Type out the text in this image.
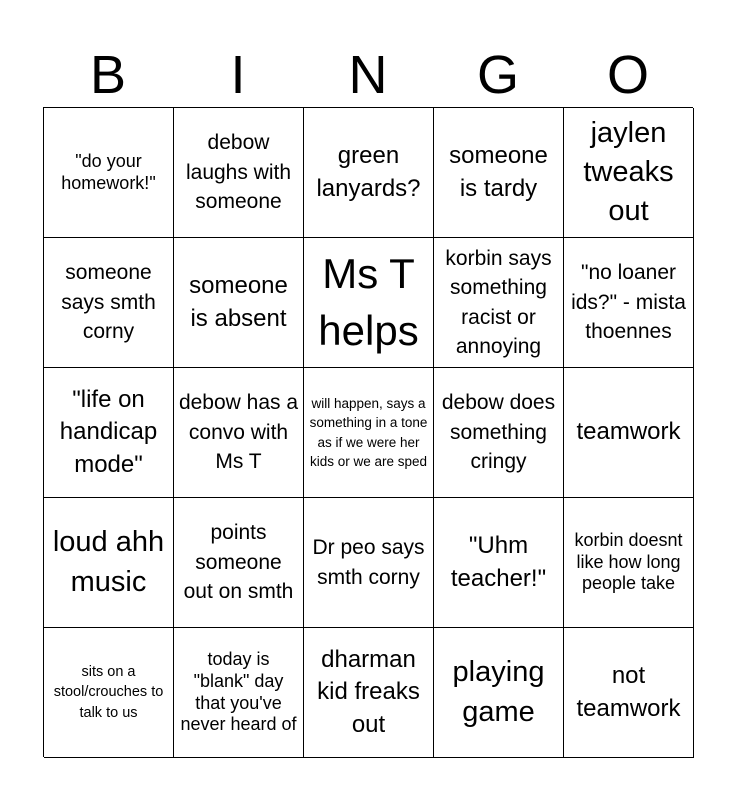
B	I	N	G	O
"do your homework!"
debow laughs with someone
green lanyards?
someone is tardy
jaylen tweaks out
someone says smth corny
someone is absent
Ms T helps
korbin says something racist or annoying
"no loaner ids?" - mista thoennes
"life on handicap mode"
debow has a convo with Ms T
will happen, says a something in a tone as if we were her kids or we are sped
debow does something cringy
teamwork
loud ahh music
points someone out on smth
Dr peo says smth corny
"Uhm teacher!"
korbin doesnt like how long people take
sits on a stool/crouches to talk to us
today is "blank" day that you've never heard of
dharman kid freaks out
playing game
not teamwork
